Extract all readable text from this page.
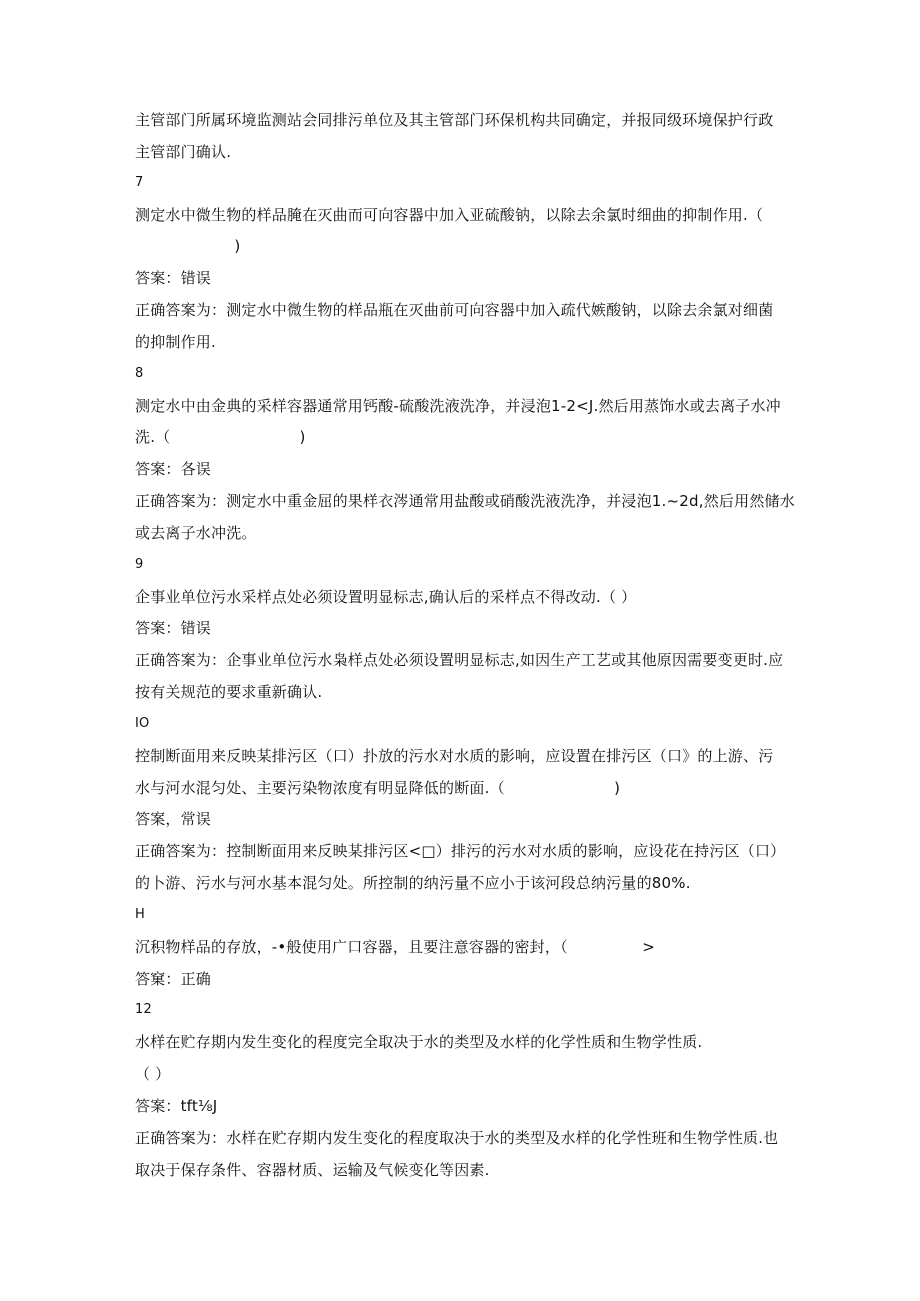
主管部门所属环境监测站会同排污单位及其主管部门环保机构共同确定，并报同级环境保护行政
主管部门确认.
7
测定水中微生物的样品腌在灭曲而可向容器中加入亚硫酸钠，以除去余氯时细曲的抑制作用.（
)
答案：错误
正确答案为：测定水中微生物的样品瓶在灭曲前可向容器中加入疏代嫉酸钠，以除去余氯对细菌
的抑制作用.
8
测定水中由金典的采样容器通常用钙酸-硫酸洗液洗净，并浸泡1-2<J.然后用蒸饰水或去离子水冲
洗.（                          )
答案：各误
正确答案为：测定水中重金屈的果样衣涔通常用盐酸或硝酸洗液洗净，并浸泡1.~2d,然后用然储水
或去离子水冲洗。
9
企事业单位污水采样点处必须设置明显标志,确认后的采样点不得改动.（ ）
答案：错误
正确答案为：企事业单位污水枭样点处必须设置明显标志,如因生产工艺或其他原因需要变更时.应
按有关规范的要求重新确认.
IO
控制断面用来反映某排污区（口）扑放的污水对水质的影响，应设置在排污区（口》的上游、污
水与河水混匀处、主要污染物浓度有明显降低的断面.（                      )
答案，常误
正确答案为：控制断面用来反映某排污区<□）排污的污水对水质的影响，应设花在持污区（口）
的卜游、污水与河水基本混匀处。所控制的纳污量不应小于该河段总纳污量的80%.
H
沉积物样品的存放，-•般使用广口容器，且要注意容器的密封，（               >
答窠：正确
12
水样在贮存期内发生变化的程度完全取决于水的类型及水样的化学性质和生物学性质.
（ ）
答案：tft⅛J
正确答案为：水样在贮存期内发生变化的程度取决于水的类型及水样的化学性班和生物学性质.也
取决于保存条件、容器材质、运输及气候变化等因素.
